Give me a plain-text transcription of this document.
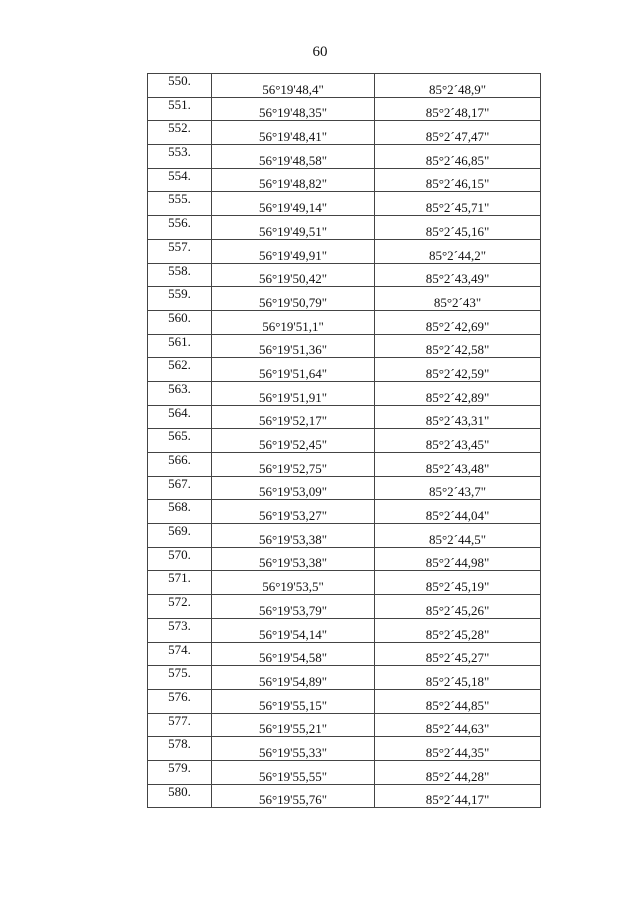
60
550.	56°19'48,4"	85°2´48,9"
551.	56°19'48,35"	85°2´48,17"
552.	56°19'48,41"	85°2´47,47"
553.	56°19'48,58"	85°2´46,85"
554.	56°19'48,82"	85°2´46,15"
555.	56°19'49,14"	85°2´45,71"
556.	56°19'49,51"	85°2´45,16"
557.	56°19'49,91"	85°2´44,2"
558.	56°19'50,42"	85°2´43,49"
559.	56°19'50,79"	85°2´43"
560.	56°19'51,1"	85°2´42,69"
561.	56°19'51,36"	85°2´42,58"
562.	56°19'51,64"	85°2´42,59"
563.	56°19'51,91"	85°2´42,89"
564.	56°19'52,17"	85°2´43,31"
565.	56°19'52,45"	85°2´43,45"
566.	56°19'52,75"	85°2´43,48"
567.	56°19'53,09"	85°2´43,7"
568.	56°19'53,27"	85°2´44,04"
569.	56°19'53,38"	85°2´44,5"
570.	56°19'53,38"	85°2´44,98"
571.	56°19'53,5"	85°2´45,19"
572.	56°19'53,79"	85°2´45,26"
573.	56°19'54,14"	85°2´45,28"
574.	56°19'54,58"	85°2´45,27"
575.	56°19'54,89"	85°2´45,18"
576.	56°19'55,15"	85°2´44,85"
577.	56°19'55,21"	85°2´44,63"
578.	56°19'55,33"	85°2´44,35"
579.	56°19'55,55"	85°2´44,28"
580.	56°19'55,76"	85°2´44,17"
